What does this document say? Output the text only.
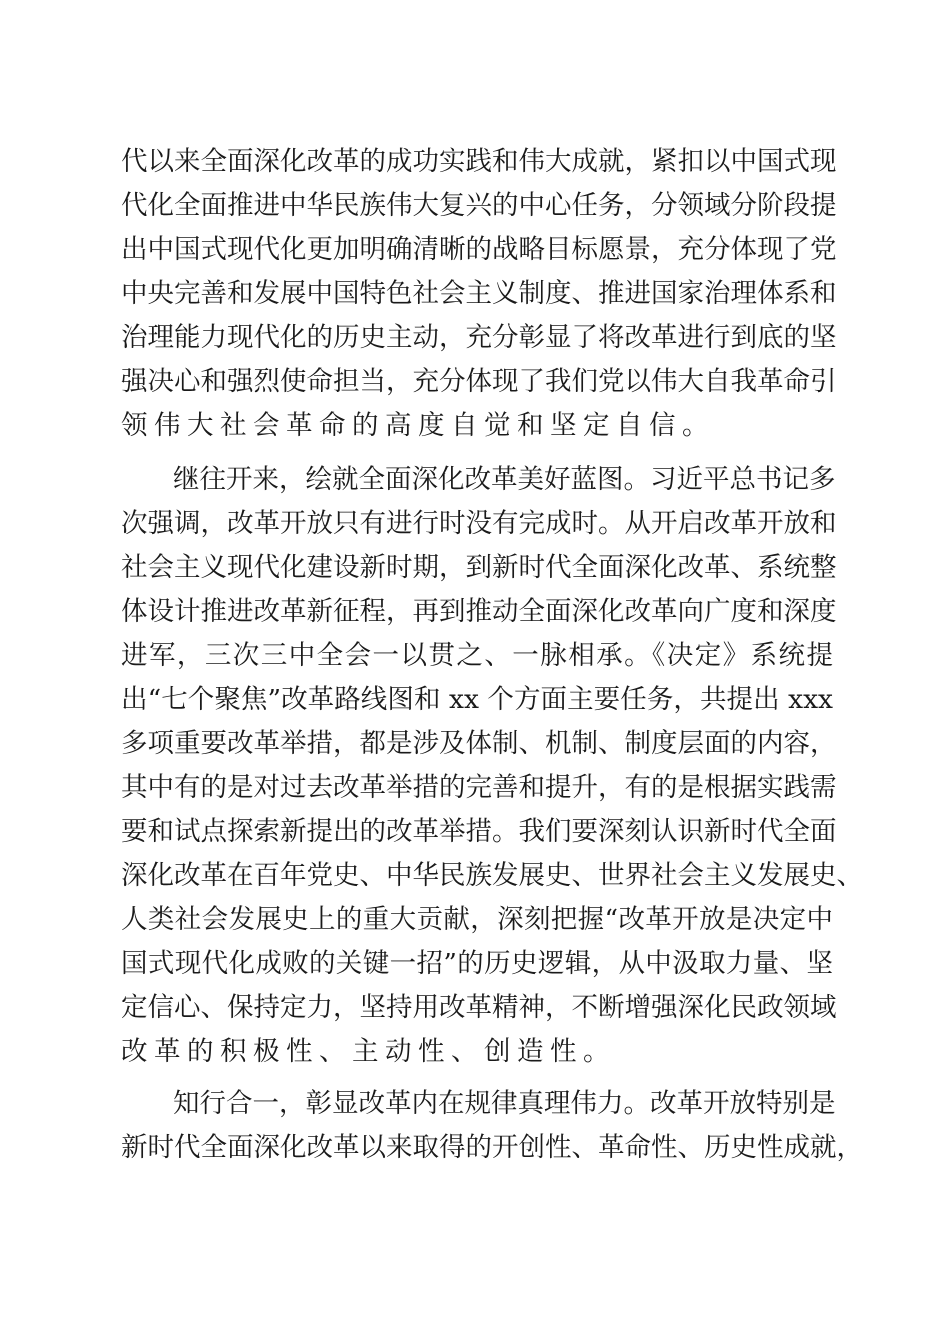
代以来全面深化改革的成功实践和伟大成就，紧扣以中国式现
代化全面推进中华民族伟大复兴的中心任务，分领域分阶段提
出中国式现代化更加明确清晰的战略目标愿景，充分体现了党
中央完善和发展中国特色社会主义制度、推进国家治理体系和
治理能力现代化的历史主动，充分彰显了将改革进行到底的坚
强决心和强烈使命担当，充分体现了我们党以伟大自我革命引
领伟大社会革命的高度自觉和坚定自信。
继往开来，绘就全面深化改革美好蓝图。习近平总书记多
次强调，改革开放只有进行时没有完成时。从开启改革开放和
社会主义现代化建设新时期，到新时代全面深化改革、系统整
体设计推进改革新征程，再到推动全面深化改革向广度和深度
进军，三次三中全会一以贯之、一脉相承。《决定》系统提
出“七个聚焦”改革路线图和 xx 个方面主要任务，共提出 xxx
多项重要改革举措，都是涉及体制、机制、制度层面的内容，
其中有的是对过去改革举措的完善和提升，有的是根据实践需
要和试点探索新提出的改革举措。我们要深刻认识新时代全面
深化改革在百年党史、中华民族发展史、世界社会主义发展史、
人类社会发展史上的重大贡献，深刻把握“改革开放是决定中
国式现代化成败的关键一招”的历史逻辑，从中汲取力量、坚
定信心、保持定力，坚持用改革精神，不断增强深化民政领域
改革的积极性、主动性、创造性。
知行合一，彰显改革内在规律真理伟力。改革开放特别是
新时代全面深化改革以来取得的开创性、革命性、历史性成就，
